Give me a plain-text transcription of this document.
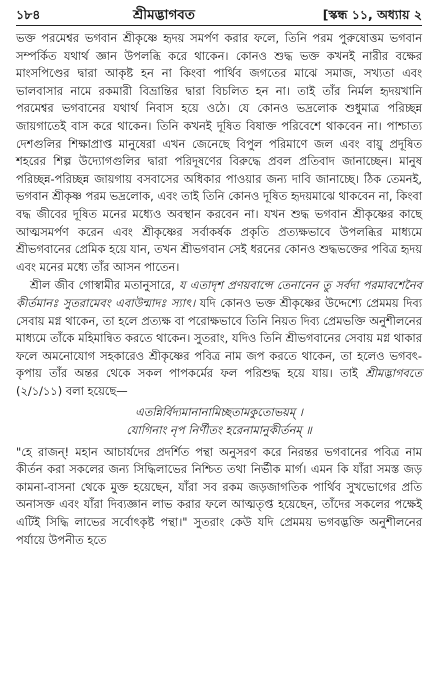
১৮৪	শ্রীমদ্ভাগবত	[স্কন্ধ ১১, অধ্যায় ২

ভক্ত পরমেশ্বর ভগবান শ্রীকৃষ্ণে হৃদয় সমর্পণ করার ফলে, তিনি পরম পুরুষোত্তম ভগবান সম্পর্কিত যথার্থ জ্ঞান উপলব্ধি করে থাকেন। কোনও শুদ্ধ ভক্ত কখনই নারীর বক্ষের মাংসপিণ্ডের দ্বারা আকৃষ্ট হন না কিংবা পার্থিব জগতের মাঝে সমাজ, সখ্যতা এবং ভালবাসার নামে রকমারী বিভ্রান্তির দ্বারা বিচলিত হন না। তাই তাঁর নির্মল হৃদয়খানি পরমেশ্বর ভগবানের যথার্থ নিবাস হয়ে ওঠে। যে কোনও ভদ্রলোক শুধুমাত্র পরিচ্ছন্ন জায়গাতেই বাস করে থাকেন। তিনি কখনই দূষিত বিষাক্ত পরিবেশে থাকবেন না। পাশ্চাত্য দেশগুলির শিক্ষাপ্রাপ্ত মানুষেরা এখন জেনেছে বিপুল পরিমাণে জল এবং বায়ু প্রদূষিত শহরের শিল্প উদ্যোগগুলির দ্বারা পরিদূষণের বিরুদ্ধে প্রবল প্রতিবাদ জানাচ্ছেন। মানুষ পরিচ্ছন্ন-পরিচ্ছন্ন জায়গায় বসবাসের অধিকার পাওয়ার জন্য দাবি জানাচ্ছে। ঠিক তেমনই, ভগবান শ্রীকৃষ্ণ পরম ভদ্রলোক, এবং তাই তিনি কোনও দূষিত হৃদয়মাঝে থাকবেন না, কিংবা বদ্ধ জীবের দূষিত মনের মধ্যেও অবস্থান করবেন না। যখন শুদ্ধ ভগবান শ্রীকৃষ্ণের কাছে আত্মসমর্পণ করেন এবং শ্রীকৃষ্ণের সর্বাকর্ষক প্রকৃতি প্রত্যক্ষভাবে উপলব্ধির মাধ্যমে শ্রীভগবানের প্রেমিক হয়ে যান, তখন শ্রীভগবান সেই ধরনের কোনও শুদ্ধভক্তের পবিত্র হৃদয় এবং মনের মধ্যে তাঁর আসন পাতেন।

শ্রীল জীব গোস্বামীর মতানুসারে, য এতাদৃশ প্রণয়বান্সে তেনানেন তু সর্বদা পরমাবশেনৈব কীর্তমানঃ সুতরামেবং এবাউন্মাদঃ স্যাৎ। যদি কোনও ভক্ত শ্রীকৃষ্ণের উদ্দেশ্যে প্রেমময় দিব্য সেবায় মগ্ন থাকেন, তা হলে প্রত্যক্ষ বা পরোক্ষভাবে তিনি নিয়ত দিব্য প্রেমভক্তি অনুশীলনের মাধ্যমে তাঁকে মহিমান্বিত করতে থাকেন। সুতরাং, যদিও তিনি শ্রীভগবানের সেবায় মগ্ন থাকার ফলে অমনোযোগ সহকারেও শ্রীকৃষ্ণের পবিত্র নাম জপ করতে থাকেন, তা হলেও ভগবৎ-কৃপায় তাঁর অন্তর থেকে সকল পাপকর্মের ফল পরিশুদ্ধ হয়ে যায়। তাই শ্রীমদ্ভাগবতে (২/১/১১) বলা হয়েছে—

এতন্নির্বিদ্যমানানামিচ্ছতামকুতোভয়ম্ ।
যোগিনাং নৃপ নির্ণীতং হরেনামানুকীর্তনম্ ॥

"হে রাজন্! মহান আচার্যদের প্রদর্শিত পন্থা অনুসরণ করে নিরন্তর ভগবানের পবিত্র নাম কীর্তন করা সকলের জন্য সিদ্ধিলাভের নিশ্চিত তথা নির্ভীক মার্গ। এমন কি যাঁরা সমস্ত জড় কামনা-বাসনা থেকে মুক্ত হয়েছেন, যাঁরা সব রকম জড়জাগতিক পার্থিব সুখভোগের প্রতি অনাসক্ত এবং যাঁরা দিব্যজ্ঞান লাভ করার ফলে আত্মতৃপ্ত হয়েছেন, তাঁদের সকলের পক্ষেই এটিই সিদ্ধি লাভের সর্বোৎকৃষ্ট পন্থা।" সুতরাং কেউ যদি প্রেমময় ভগবদ্ভক্তি অনুশীলনের পর্যায়ে উপনীত হতে
